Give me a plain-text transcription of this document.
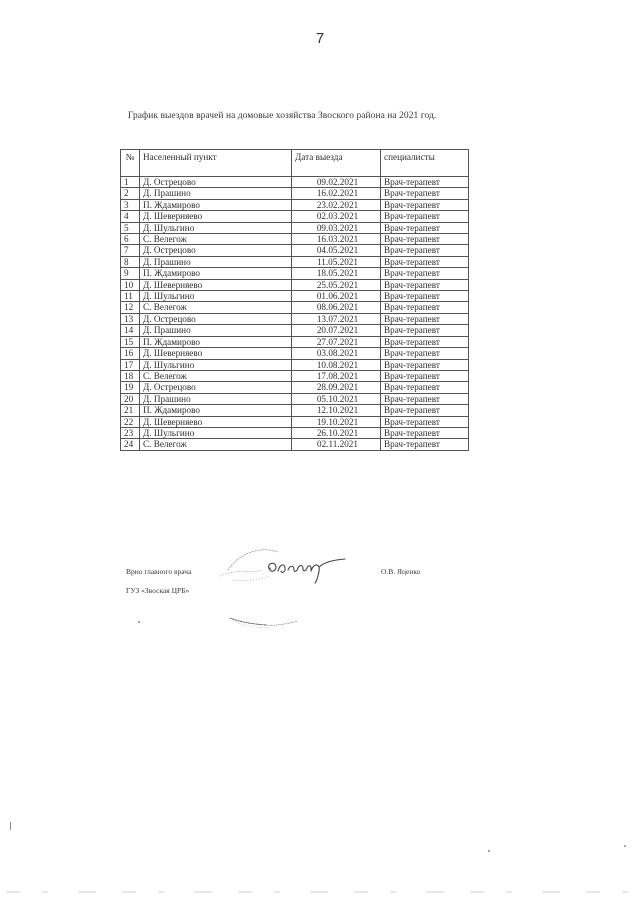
7
График выездов врачей на домовые хозяйства Звоского района на 2021 год.
№	Населенный пункт	Дата выезда	специалисты
1	Д. Острецово	09.02.2021	Врач-терапевт
2	Д. Прашино	16.02.2021	Врач-терапевт
3	П. Ждамирово	23.02.2021	Врач-терапевт
4	Д. Шеверняево	02.03.2021	Врач-терапевт
5	Д. Шульгино	09.03.2021	Врач-терапевт
6	С. Велегож	16.03.2021	Врач-терапевт
7	Д. Острецово	04.05.2021	Врач-терапевт
8	Д. Прашино	11.05.2021	Врач-терапевт
9	П. Ждамирово	18.05.2021	Врач-терапевт
10	Д. Шеверняево	25.05.2021	Врач-терапевт
11	Д. Шульгино	01.06.2021	Врач-терапевт
12	С. Велегож	08.06.2021	Врач-терапевт
13	Д. Острецово	13.07.2021	Врач-терапевт
14	Д. Прашино	20.07.2021	Врач-терапевт
15	П. Ждамирово	27.07.2021	Врач-терапевт
16	Д. Шеверняево	03.08.2021	Врач-терапевт
17	Д. Шульгино	10.08.2021	Врач-терапевт
18	С. Велегож	17.08.2021	Врач-терапевт
19	Д. Острецово	28.09.2021	Врач-терапевт
20	Д. Прашино	05.10.2021	Врач-терапевт
21	П. Ждамирово	12.10.2021	Врач-терапевт
22	Д. Шеверняево	19.10.2021	Врач-терапевт
23	Д. Шульгино	26.10.2021	Врач-терапевт
24	С. Велегож	02.11.2021	Врач-терапевт
Врио главного врача
ГУЗ «Звоская ЦРБ»
О.В. Яценко
